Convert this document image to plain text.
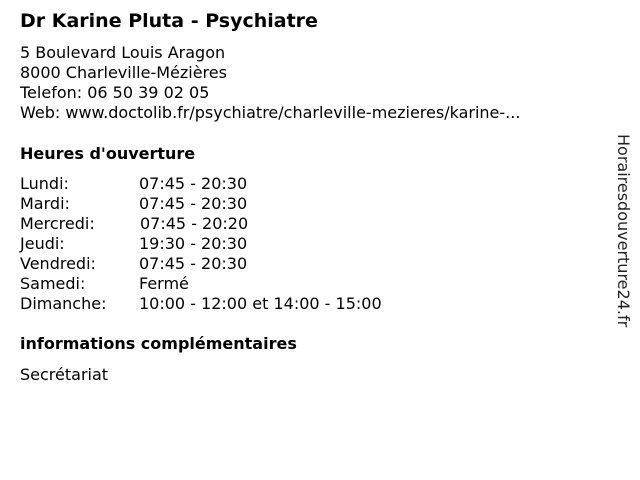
Dr Karine Pluta - Psychiatre
5 Boulevard Louis Aragon
8000 Charleville-Mézières
Telefon: 06 50 39 02 05
Web: www.doctolib.fr/psychiatre/charleville-mezieres/karine-...
Heures d'ouverture
Lundi:	07:45 - 20:30
Mardi:	07:45 - 20:30
Mercredi:	07:45 - 20:20
Jeudi:	19:30 - 20:30
Vendredi:	07:45 - 20:30
Samedi:	Fermé
Dimanche: 10:00 - 12:00 et 14:00 - 15:00
informations complémentaires
Secrétariat
Horairesdouverture24.fr
